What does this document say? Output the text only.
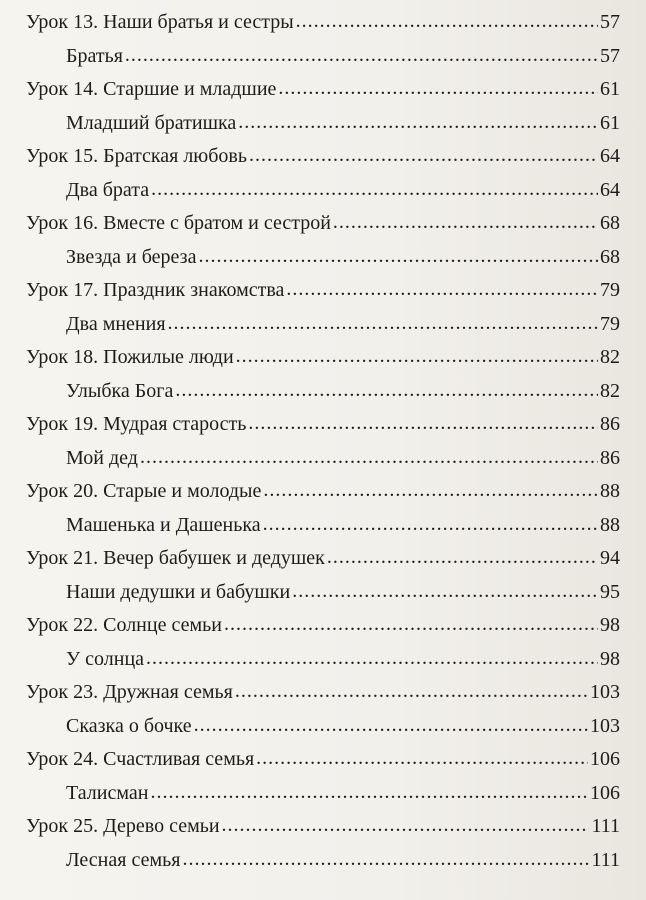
Урок 13. Наши братья и сестры .....	57
Братья .....	57
Урок 14. Старшие и младшие .....	61
Младший братишка .....	61
Урок 15. Братская любовь .....	64
Два брата .....	64
Урок 16. Вместе с братом и сестрой .....	68
Звезда и береза .....	68
Урок 17. Праздник знакомства .....	79
Два мнения .....	79
Урок 18. Пожилые люди .....	82
Улыбка Бога .....	82
Урок 19. Мудрая старость .....	86
Мой дед .....	86
Урок 20. Старые и молодые .....	88
Машенька и Дашенька .....	88
Урок 21. Вечер бабушек и дедушек .....	94
Наши дедушки и бабушки .....	95
Урок 22. Солнце семьи .....	98
У солнца .....	98
Урок 23. Дружная семья .....	103
Сказка о бочке .....	103
Урок 24. Счастливая семья .....	106
Талисман .....	106
Урок 25. Дерево семьи .....	111
Лесная семья .....	111
